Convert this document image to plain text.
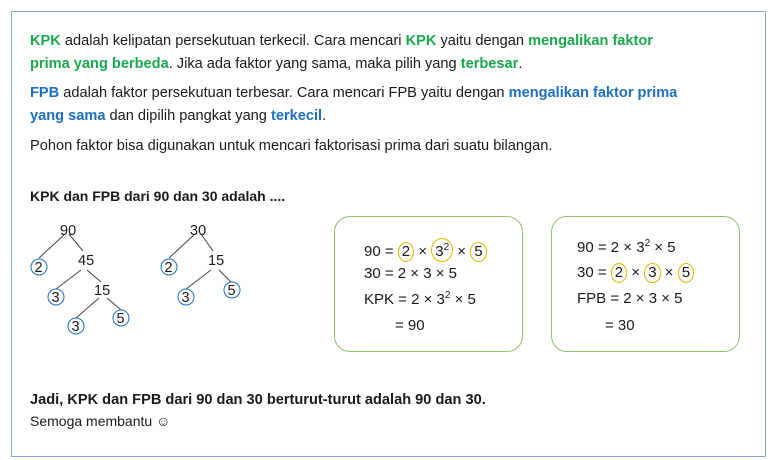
KPK adalah kelipatan persekutuan terkecil. Cara mencari KPK yaitu dengan mengalikan faktor prima yang berbeda. Jika ada faktor yang sama, maka pilih yang terbesar.

FPB adalah faktor persekutuan terbesar. Cara mencari FPB yaitu dengan mengalikan faktor prima yang sama dan dipilih pangkat yang terkecil.

Pohon faktor bisa digunakan untuk mencari faktorisasi prima dari suatu bilangan.

KPK dan FPB dari 90 dan 30 adalah ....
90
2 45
3 15
3	5
30
2 15
3	5
$90 = 2 \times 3^2 \times 5$
30 = 2 × 3 × 5
KPK = $2 \times 3^2 \times 5$
= 90
$90 = 2 \times 3^2 \times 5$
30 = 2 × 3 × 5
FPB = 2 × 3 × 5
= 30
Jadi, KPK dan FPB dari 90 dan 30 berturut-turut adalah 90 dan 30.
Semoga membantu ☺
